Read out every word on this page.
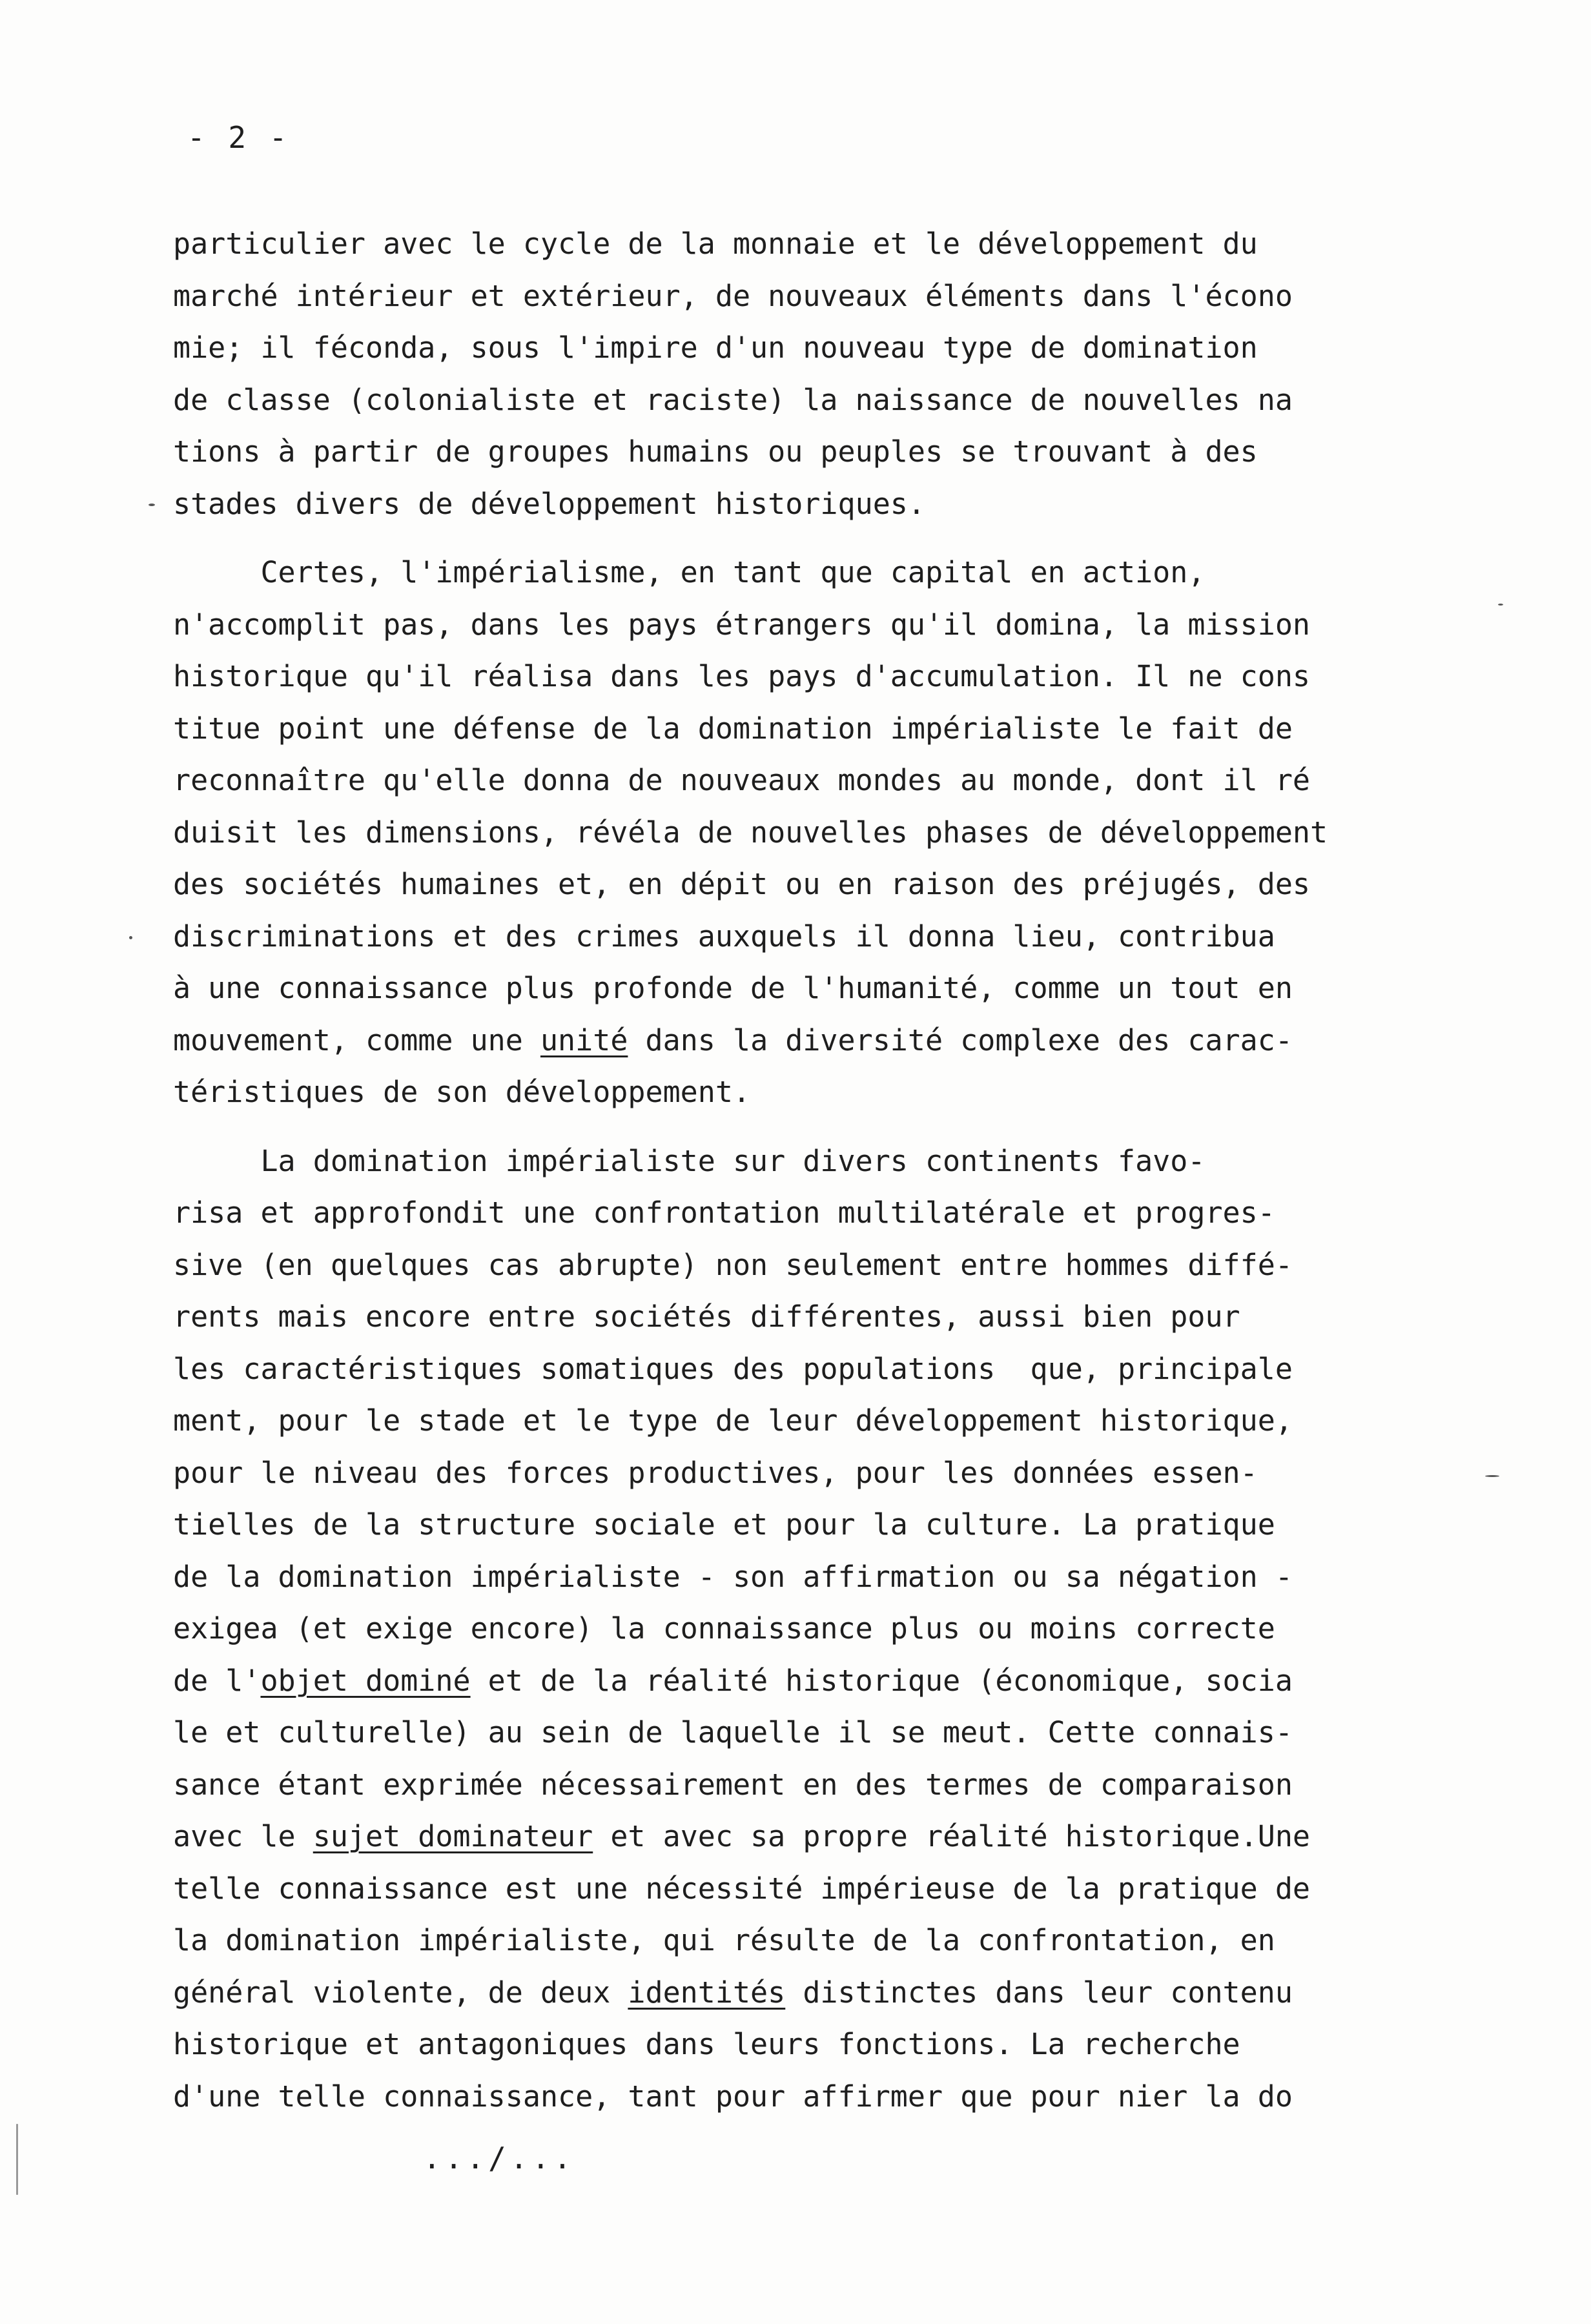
- 2 -
particulier avec le cycle de la monnaie et le développement du
marché intérieur et extérieur, de nouveaux éléments dans l'écono
mie; il féconda, sous l'impire d'un nouveau type de domination
de classe (colonialiste et raciste) la naissance de nouvelles na
tions à partir de groupes humains ou peuples se trouvant à des
stades divers de développement historiques.
Certes, l'impérialisme, en tant que capital en action,
n'accomplit pas, dans les pays étrangers qu'il domina, la mission
historique qu'il réalisa dans les pays d'accumulation. Il ne cons
titue point une défense de la domination impérialiste le fait de
reconnaître qu'elle donna de nouveaux mondes au monde, dont il ré
duisit les dimensions, révéla de nouvelles phases de développement
des sociétés humaines et, en dépit ou en raison des préjugés, des
discriminations et des crimes auxquels il donna lieu, contribua
à une connaissance plus profonde de l'humanité, comme un tout en
mouvement, comme une unité dans la diversité complexe des carac-
téristiques de son développement.
La domination impérialiste sur divers continents favo-
risa et approfondit une confrontation multilatérale et progres-
sive (en quelques cas abrupte) non seulement entre hommes diffé-
rents mais encore entre sociétés différentes, aussi bien pour
les caractéristiques somatiques des populations  que, principale
ment, pour le stade et le type de leur développement historique,
pour le niveau des forces productives, pour les données essen-
tielles de la structure sociale et pour la culture. La pratique
de la domination impérialiste - son affirmation ou sa négation -
exigea (et exige encore) la connaissance plus ou moins correcte
de l'objet dominé et de la réalité historique (économique, socia
le et culturelle) au sein de laquelle il se meut. Cette connais-
sance étant exprimée nécessairement en des termes de comparaison
avec le sujet dominateur et avec sa propre réalité historique.Une
telle connaissance est une nécessité impérieuse de la pratique de
la domination impérialiste, qui résulte de la confrontation, en
général violente, de deux identités distinctes dans leur contenu
historique et antagoniques dans leurs fonctions. La recherche
d'une telle connaissance, tant pour affirmer que pour nier la do
.../...
